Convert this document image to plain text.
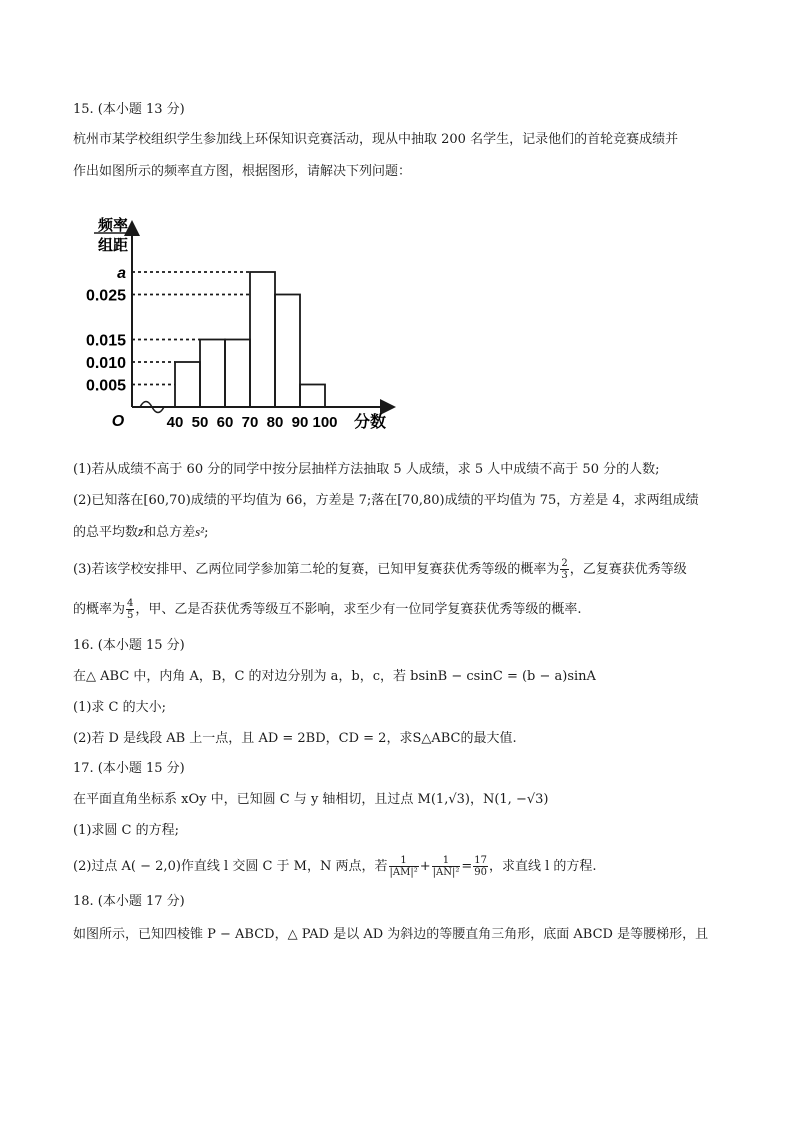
15. (本小题 13 分)
杭州市某学校组织学生参加线上环保知识竞赛活动，现从中抽取 200 名学生，记录他们的首轮竞赛成绩并
作出如图所示的频率直方图，根据图形，请解决下列问题：
频率
组距
O	分数
0.005
0.010
0.015
0.025
a
40 50 60 70 80 90 100
(1)若从成绩不高于 60 分的同学中按分层抽样方法抽取 5 人成绩，求 5 人中成绩不高于 50 分的人数;
(2)已知落在[60,70)成绩的平均值为 66，方差是 7;落在[70,80)成绩的平均值为 75，方差是 4，求两组成绩
的总平均数z̄和总方差s²;
(3)若该学校安排甲、乙两位同学参加第二轮的复赛，已知甲复赛获优秀等级的概率为 $\frac{2}{3}$ ，乙复赛获优秀等级
的概率为 $\frac{4}{5}$ ，甲、乙是否获优秀等级互不影响，求至少有一位同学复赛获优秀等级的概率.
16. (本小题 15 分)
在△ ABC 中，内角 A，B，C 的对边分别为 a，b，c，若 bsinB − csinC = (b − a)sinA
(1)求 C 的大小;
(2)若 D 是线段 AB 上一点，且 AD = 2BD，CD = 2，求S△ABC的最大值.
17. (本小题 15 分)
在平面直角坐标系 xOy 中，已知圆 C 与 y 轴相切，且过点 M(1,√3)，N(1, −√3)
(1)求圆 C 的方程;
(2)过点 A( − 2,0)作直线 l 交圆 C 于 M，N 两点，若 $\frac{1}{\text{|AM|²}} + \frac{1}{\text{|AN|²}} = \frac{17}{90}$ ，求直线 l 的方程.
18. (本小题 17 分)
如图所示，已知四棱锥 P − ABCD，△ PAD 是以 AD 为斜边的等腰直角三角形，底面 ABCD 是等腰梯形，且
